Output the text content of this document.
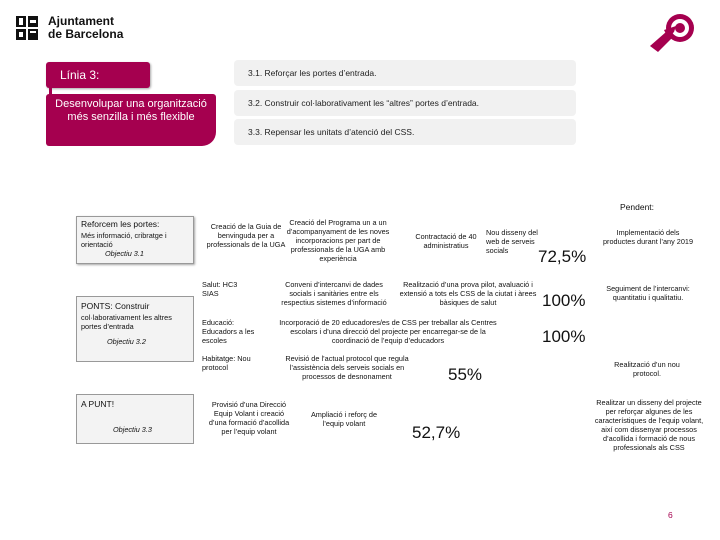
Ajuntament
de Barcelona
Línia 3:
Desenvolupar una organització més senzilla i més flexible
3.1. Reforçar les portes d’entrada.
3.2. Construir col·laborativament les “altres” portes d’entrada.
3.3. Repensar les unitats d’atenció del CSS.
Pendent:
Reforcem les portes:
Més informació, cribratge i orientació
Objectiu 3.1
PONTS: Construir
col·laborativament les altres portes d’entrada
Objectiu 3.2
A PUNT!
Objectiu 3.3
Creació de la Guia de benvinguda per a professionals de la UGA
Creació del Programa un a un d’acompanyament de les noves incorporacions per part de professionals de la UGA amb experiència
Contractació de 40 administratius
Nou disseny del web de serveis socials
Salut: HC3 SIAS
Conveni d’intercanvi de dades socials i sanitàries entre els respectius sistemes d’informació
Realització d’una prova pilot, avaluació i extensió a tots els CSS de la ciutat i àrees bàsiques de salut
Educació: Educadors a les escoles
Incorporació de 20 educadores/es de CSS per treballar als Centres escolars i d’una direcció del projecte per encarregar-se de la coordinació de l’equip d’educadors
Habitatge: Nou protocol
Revisió de l’actual protocol que regula l’assistència dels serveis socials en processos de desnonament
Provisió d’una Direcció Equip Volant i creació d’una formació d’acollida per l’equip volant
Ampliació i reforç de l’equip volant
72,5%
100%
100%
55%
52,7%
Implementació dels productes durant l’any 2019
Seguiment de l’intercanvi: quantitatiu i qualitatiu.
Realització d’un nou protocol.
Realitzar un disseny del projecte per reforçar algunes de les característiques de l’equip volant, així com dissenyar processos d’acollida i formació de nous professionals als CSS
6
